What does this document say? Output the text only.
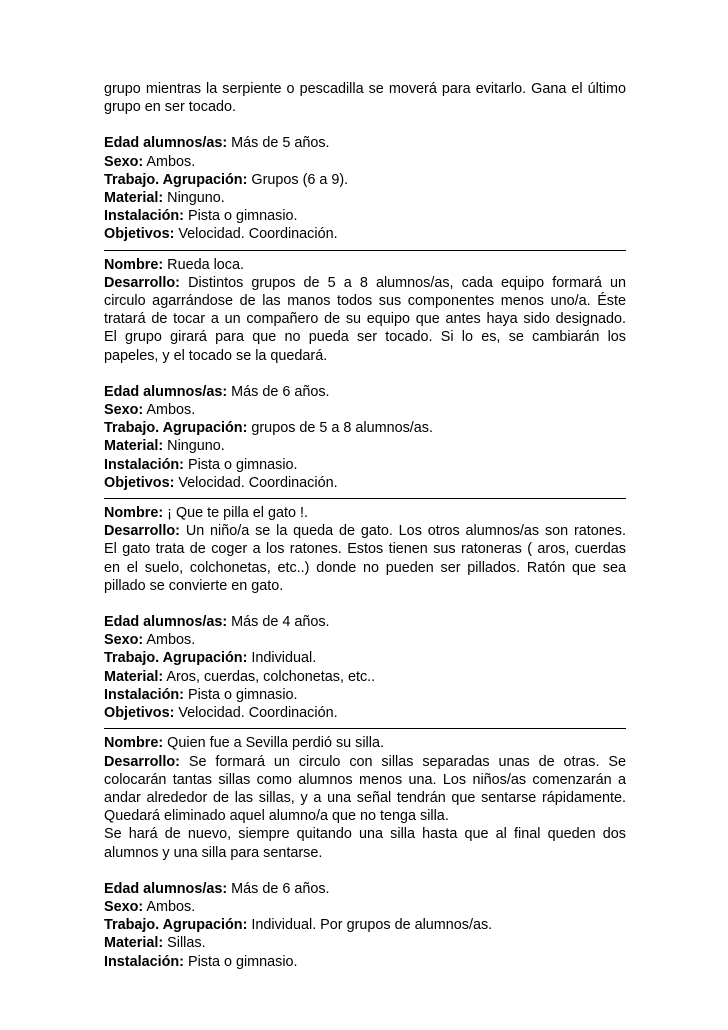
grupo mientras la serpiente o pescadilla se moverá para evitarlo. Gana el último

grupo en ser tocado.

Edad alumnos/as: Más de 5 años.

Sexo: Ambos.

Trabajo. Agrupación: Grupos (6 a 9).

Material: Ninguno.

Instalación: Pista o gimnasio.

Objetivos: Velocidad. Coordinación.

Nombre: Rueda loca.

Desarrollo: Distintos grupos de 5 a 8 alumnos/as, cada equipo formará un

circulo agarrándose de las manos todos sus componentes menos uno/a. Éste

tratará de tocar a un compañero de su equipo que antes haya sido designado.

El grupo girará para que no pueda ser tocado. Si lo es, se cambiarán los

papeles, y el tocado se la quedará.

Edad alumnos/as: Más de 6 años.

Sexo: Ambos.

Trabajo. Agrupación: grupos de 5 a 8 alumnos/as.

Material: Ninguno.

Instalación: Pista o gimnasio.

Objetivos: Velocidad. Coordinación.

Nombre: ¡ Que te pilla el gato !.

Desarrollo: Un niño/a se la queda de gato. Los otros alumnos/as son ratones.

El gato trata de coger a los ratones. Estos tienen sus ratoneras ( aros, cuerdas

en el suelo, colchonetas, etc..) donde no pueden ser pillados. Ratón que sea

pillado se convierte en gato.

Edad alumnos/as: Más de 4 años.

Sexo: Ambos.

Trabajo. Agrupación: Individual.

Material: Aros, cuerdas, colchonetas, etc..

Instalación: Pista o gimnasio.

Objetivos: Velocidad. Coordinación.

Nombre: Quien fue a Sevilla perdió su silla.

Desarrollo: Se formará un circulo con sillas separadas unas de otras. Se

colocarán tantas sillas como alumnos menos una. Los niños/as comenzarán a

andar alrededor de las sillas, y a una señal tendrán que sentarse rápidamente.

Quedará eliminado aquel alumno/a que no tenga silla.

Se hará de nuevo, siempre quitando una silla hasta que al final queden dos

alumnos y una silla para sentarse.

Edad alumnos/as: Más de 6 años.

Sexo: Ambos.

Trabajo. Agrupación: Individual. Por grupos de alumnos/as.

Material: Sillas.

Instalación: Pista o gimnasio.
